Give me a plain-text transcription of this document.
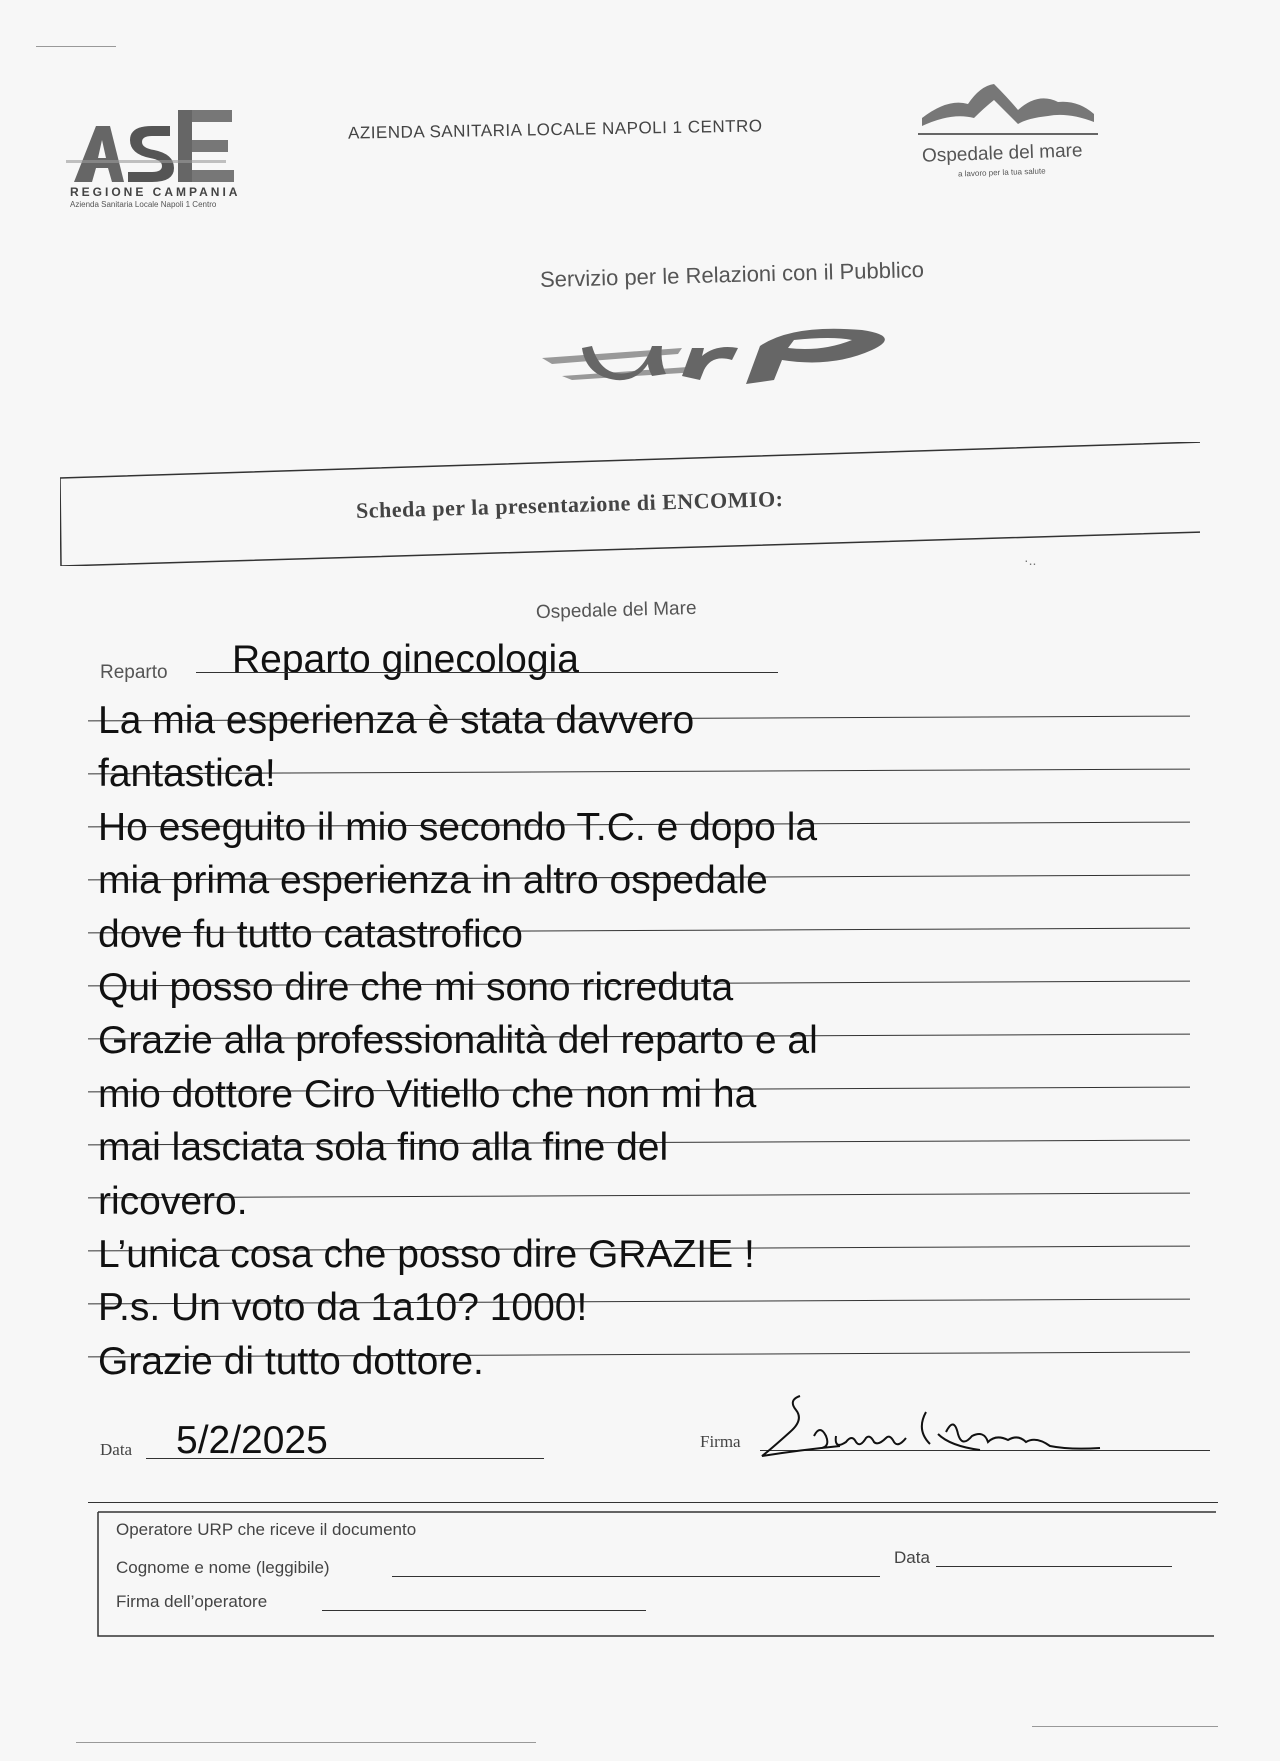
REGIONE CAMPANIA
Azienda Sanitaria Locale Napoli 1 Centro
AZIENDA SANITARIA LOCALE NAPOLI 1 CENTRO
Ospedale del mare
a lavoro per la tua salute
Servizio per le Relazioni con il Pubblico
Scheda per la presentazione di ENCOMIO:
·..
Ospedale del Mare
Reparto Reparto ginecologia
La mia esperienza è stata davvero
fantastica!
Ho eseguito il mio secondo T.C. e dopo la
mia prima esperienza in altro ospedale
dove fu tutto catastrofico
Qui posso dire che mi sono ricreduta
Grazie alla professionalità del reparto e al
mio dottore Ciro Vitiello che non mi ha
mai lasciata sola fino alla fine del
ricovero.
L’unica cosa che posso dire GRAZIE !
P.s. Un voto da 1a10? 1000!
Grazie di tutto dottore.
Data 5/2/2025	Firma
Operatore URP che riceve il documento
Cognome e nome (leggibile)
Data
Firma dell’operatore
